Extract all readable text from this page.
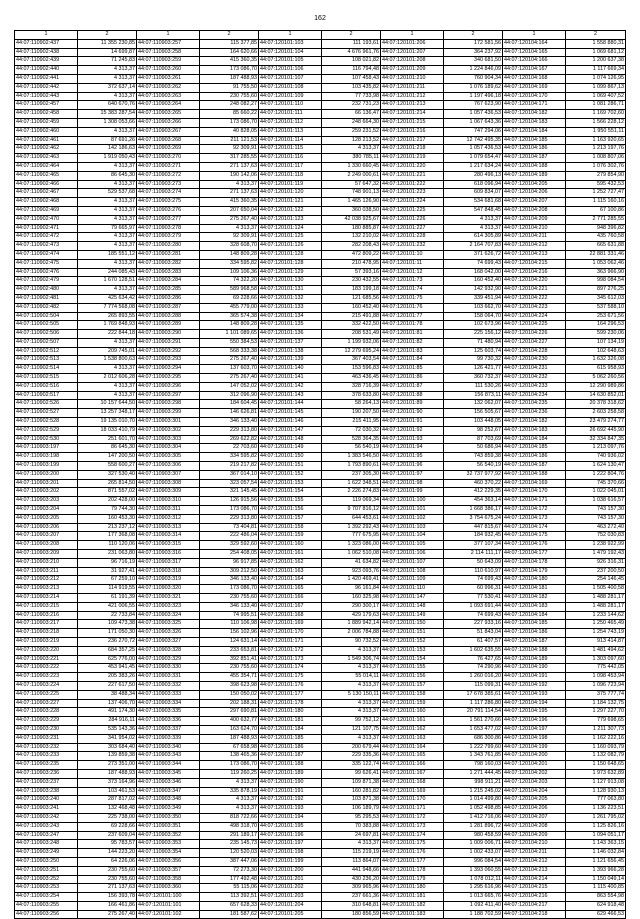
162
1	2	1	2	1	2	1	2	1	2
44:07:110902:437	11 355 230,85	44:07:110903:257	115 377,85	44:07:120101:103	111 193,61	44:07:120101:206	172 581,56	44:07:120104:164	1 558 880,31
44:07:110902:438	14 699,87	44:07:110903:258	164 620,66	44:07:120101:104	4 676 961,76	44:07:120101:207	364 237,92	44:07:120104:165	1 069 681,12
44:07:110902:439	71 245,83	44:07:110903:259	415 360,35	44:07:120101:105	108 021,82	44:07:120101:208	340 681,50	44:07:120104:166	1 200 637,38
44:07:110902:440	4 313,37	44:07:110903:260	173 086,70	44:07:120101:106	116 794,48	44:07:120101:209	1 224 846,09	44:07:120104:167	1 117 669,34
44:07:110902:441	4 313,37	44:07:110903:261	187 488,93	44:07:120101:107	107 458,43	44:07:120101:210	760 904,34	44:07:120104:168	1 074 126,95
44:07:110902:442	372 637,14	44:07:110903:262	91 755,50	44:07:120101:108	103 435,82	44:07:120101:211	1 076 189,62	44:07:120104:169	1 099 867,13
44:07:110902:443	4 313,37	44:07:110903:263	230 755,60	44:07:120101:109	77 733,98	44:07:120101:212	1 197 496,18	44:07:120104:170	1 069 407,52
44:07:110902:457	640 670,76	44:07:110903:264	248 082,27	44:07:120101:110	232 731,23	44:07:120101:213	767 623,90	44:07:120104:171	1 081 286,71
44:07:110902:458	15 383 287,54	44:07:110903:265	85 660,22	44:07:120101:111	66 136,47	44:07:120101:214	1 057 436,53	44:07:120104:182	1 169 702,60
44:07:110902:459	1 308 053,66	44:07:110903:266	173 086,70	44:07:120101:112	248 664,30	44:07:120101:215	1 067 643,36	44:07:120104:183	1 566 228,12
44:07:110902:460	4 313,37	44:07:110903:267	40 828,05	44:07:120101:113	259 231,52	44:07:120101:216	747 294,06	44:07:120104:184	1 950 551,11
44:07:110902:461	87 691,26	44:07:110903:268	211 121,53	44:07:120101:114	128 213,52	44:07:120101:217	12 742 495,35	44:07:120104:185	1 163 920,65
44:07:110902:462	142 186,63	44:07:110903:269	92 309,91	44:07:120101:115	4 313,37	44:07:120101:218	1 057 436,53	44:07:120104:186	1 213 197,76
44:07:110902:463	1 919 050,43	44:07:110903:270	317 285,55	44:07:120101:116	380 785,11	44:07:120101:219	1 079 654,47	44:07:120104:187	1 008 807,06
44:07:110902:464	4 313,37	44:07:110903:271	271 137,63	44:07:120101:117	1 330 660,45	44:07:120101:220	1 217 634,24	44:07:120104:188	1 076 302,76
44:07:110902:465	86 645,30	44:07:110903:272	190 142,06	44:07:120101:118	2 249 000,61	44:07:120101:221	280 496,13	44:07:120104:189	279 854,90
44:07:110902:466	4 313,37	44:07:110903:273	4 313,37	44:07:120101:119	57 647,32	44:07:120101:222	618 096,94	44:07:120104:205	595 432,53
44:07:110902:467	529 537,68	44:07:110903:274	271 137,63	44:07:120101:120	748 901,13	44:07:120101:223	609 834,07	44:07:120104:206	1 252 727,47
44:07:110902:468	4 313,37	44:07:110903:275	415 360,35	44:07:120101:121	1 465 126,90	44:07:120101:224	534 681,68	44:07:120104:207	1 115 160,16
44:07:110902:469	4 313,37	44:07:110903:276	207 650,04	44:07:120101:122	360 038,50	44:07:120101:225	547 848,45	44:07:120104:208	67 100,86
44:07:110902:470	4 313,37	44:07:110903:277	275 267,40	44:07:120101:123	42 038 925,67	44:07:120101:226	4 313,37	44:07:120104:209	2 771 285,55
44:07:110902:471	79 665,97	44:07:110903:278	4 313,37	44:07:120101:124	180 885,87	44:07:120101:227	4 313,37	44:07:120104:210	948 396,82
44:07:110902:472	4 313,37	44:07:110903:279	92 309,91	44:07:120101:125	132 210,02	44:07:120101:228	614 305,89	44:07:120104:211	435 760,58
44:07:110902:473	4 313,37	44:07:110903:280	328 608,70	44:07:120101:126	282 208,43	44:07:120101:232	2 164 707,83	44:07:120104:212	665 631,88
44:07:110902:474	185 551,12	44:07:110903:281	148 809,28	44:07:120101:128	472 809,22	44:07:120101:10	371 626,72	44:07:120104:213	22 881 331,46
44:07:110902:475	4 313,37	44:07:110903:282	334 595,82	44:07:120101:128	210 478,95	44:07:120101:11	74 699,43	44:07:120104:215	1 053 062,46
44:07:110902:476	244 085,43	44:07:110903:283	109 106,36	44:07:120101:129	57 393,16	44:07:120101:12	168 042,00	44:07:120104:216	363 966,90
44:07:110902:479	1 670 128,51	44:07:110903:284	74 322,20	44:07:120101:130	230 432,55	44:07:120101:73	160 452,40	44:07:120104:220	998 084,54
44:07:110902:480	4 313,37	44:07:110903:285	589 968,58	44:07:120101:131	183 199,18	44:07:120101:74	142 932,90	44:07:120104:221	897 276,25
44:07:110902:481	425 634,42	44:07:110903:286	69 228,66	44:07:120101:132	121 685,56	44:07:120101:75	339 451,94	44:07:120104:222	345 612,03
44:07:110902:482	7 774 568,08	44:07:110903:287	455 779,00	44:07:120101:133	160 452,40	44:07:120101:76	103 662,70	44:07:120104:223	537 588,10
44:07:110902:504	265 893,55	44:07:110903:288	365 574,38	44:07:120101:134	215 491,88	44:07:120101:77	158 064,70	44:07:120104:224	253 671,56
44:07:110902:505	1 769 848,93	44:07:110903:289	148 809,28	44:07:120101:135	332 422,50	44:07:120101:78	102 673,96	44:07:120104:225	164 296,53
44:07:110902:506	222 844,18	44:07:110903:290	1 101 089,65	44:07:120101:136	208 531,49	44:07:120101:81	225 156,12	44:07:120104:226	599 230,06
44:07:110902:507	4 313,37	44:07:110903:291	550 384,53	44:07:120101:137	1 199 932,06	44:07:120101:82	71 480,94	44:07:120104:227	107 134,19
44:07:110902:512	209 745,01	44:07:110903:292	568 333,38	44:07:120101:138	12 279 695,24	44:07:120101:83	125 603,74	44:07:120104:228	102 648,63
44:07:110902:513	1 538 800,63	44:07:110903:293	275 267,40	44:07:120101:139	367 403,54	44:07:120101:84	99 730,32	44:07:120104:230	1 632 326,08
44:07:110902:514	4 313,37	44:07:110903:294	137 603,70	44:07:120101:140	153 596,83	44:07:120101:85	126 421,77	44:07:120104:231	615 958,93
44:07:110902:515	2 012 606,28	44:07:110903:295	275 267,40	44:07:120101:141	463 436,45	44:07:120101:86	360 732,37	44:07:120104:232	5 062 260,56
44:07:110902:516	4 313,37	44:07:110903:296	147 052,02	44:07:120101:142	328 716,39	44:07:120101:87	111 530,26	44:07:120104:233	12 290 989,86
44:07:110902:517	4 313,37	44:07:110903:297	312 096,90	44:07:120101:143	378 633,80	44:07:120101:88	156 873,11	44:07:120104:234	14 630 852,01
44:07:110902:526	10 157 644,50	44:07:110903:298	184 604,45	44:07:120101:144	58 264,13	44:07:120101:89	132 062,07	44:07:120104:235	20 378 318,62
44:07:110902:527	13 257 348,17	44:07:110903:299	146 626,81	44:07:120101:145	190 207,50	44:07:120101:90	156 505,67	44:07:120104:236	2 603 258,58
44:07:110902:528	19 135 010,70	44:07:110903:301	346 133,40	44:07:120101:146	215 411,95	44:07:120101:91	103 448,05	44:07:120104:182	23 479 274,77
44:07:110902:529	18 033 410,79	44:07:110903:302	229 313,80	44:07:120101:147	72 030,32	44:07:120101:92	98 252,67	44:07:120104:183	26 692 445,90
44:07:110902:530	251 601,70	44:07:110903:303	269 622,82	44:07:120101:148	528 364,35	44:07:120101:93	87 703,69	44:07:120104:184	32 334 847,35
44:07:110903:197	86 645,30	44:07:110903:304	22 703,60	44:07:120101:149	56 540,19	44:07:120101:94	50 686,94	44:07:120104:185	1 213 097,76
44:07:110903:198	147 200,50	44:07:110903:305	334 595,82	44:07:120101:150	1 383 546,50	44:07:120101:95	743 859,38	44:07:120104:186	740 936,02
44:07:110903:199	558 600,27	44:07:110903:306	219 217,82	44:07:120101:151	1 793 890,61	44:07:120101:96	56 540,19	44:07:120104:187	1 624 130,47
44:07:110903:200	327 530,40	44:07:110903:307	367 014,10	44:07:120101:152	237 305,30	44:07:120101:97	32 737 977,92	44:07:120104:188	1 222 804,76
44:07:110903:201	265 814,50	44:07:110903:308	323 057,54	44:07:120101:153	1 622 348,51	44:07:120101:98	460 370,22	44:07:120104:169	745 370,66
44:07:110903:202	871 557,02	44:07:110903:309	321 145,45	44:07:120101:154	2 226 274,83	44:07:120101:99	412 229,35	44:07:120104:170	1 022 045,01
44:07:110903:203	202 428,00	44:07:110903:310	126 915,56	44:07:120101:155	119 069,34	44:07:120101:100	454 363,14	44:07:120104:171	1 038 616,57
44:07:110903:204	79 744,30	44:07:110903:311	173 086,70	44:07:120101:156	9 707 816,12	44:07:120101:101	1 668 386,17	44:07:120104:172	743 157,30
44:07:110903:205	160 453,30	44:07:110903:312	229 313,80	44:07:120101:157	644 453,61	44:07:120101:102	3 754 675,24	44:07:120104:173	743 157,30
44:07:110903:206	213 237,12	44:07:110903:313	73 404,81	44:07:120101:158	1 392 292,43	44:07:120101:103	447 815,67	44:07:120104:174	463 272,40
44:07:110903:207	177 368,08	44:07:110903:314	222 486,04	44:07:120101:159	777 675,95	44:07:120101:104	184 932,45	44:07:120104:175	752 030,83
44:07:110903:208	110 120,06	44:07:110903:315	329 592,60	44:07:120101:160	1 323 086,00	44:07:120101:105	377 107,34	44:07:120104:176	1 238 922,99
44:07:110903:209	231 063,80	44:07:110903:316	254 408,05	44:07:120101:161	1 062 510,08	44:07:120101:106	2 114 111,17	44:07:120104:177	1 479 192,43
44:07:110903:210	96 716,19	44:07:110903:317	96 917,85	44:07:120101:162	41 634,82	44:07:120101:107	50 643,09	44:07:120104:178	926 316,31
44:07:110903:211	31 927,41	44:07:110903:318	309 212,50	44:07:120101:163	923 093,76	44:07:120101:108	110 610,97	44:07:120104:179	237 200,50
44:07:110903:212	67 259,10	44:07:110903:319	346 133,40	44:07:120101:164	1 420 469,41	44:07:120101:109	74 699,43	44:07:120104:180	254 146,45
44:07:110903:213	114 919,55	44:07:110903:320	173 086,70	44:07:120101:165	96 161,84	44:07:120101:110	60 996,31	44:07:120104:181	1 505 400,58
44:07:110903:214	61 191,39	44:07:110903:321	230 755,60	44:07:120101:166	160 325,98	44:07:120101:147	77 530,41	44:07:120104:182	1 488 281,17
44:07:110903:215	421 006,55	44:07:110903:323	346 133,40	44:07:120101:167	290 300,17	44:07:120101:148	1 093 691,44	44:07:120104:183	1 488 281,17
44:07:110903:216	22 733,84	44:07:110903:324	74 995,51	44:07:120101:168	429 179,63	44:07:120101:149	74 699,43	44:07:120104:184	1 233 144,62
44:07:110903:217	109 473,38	44:07:110903:325	110 106,98	44:07:120101:169	1 889 942,14	44:07:120101:150	227 933,16	44:07:120104:185	1 250 465,49
44:07:110903:218	171 050,30	44:07:110903:326	156 102,96	44:07:120101:170	2 006 784,88	44:07:120101:151	51 843,04	44:07:120104:186	1 254 743,19
44:07:110903:219	236 270,72	44:07:110903:327	124 631,14	44:07:120101:171	90 732,52	44:07:120101:152	61 407,57	44:07:120104:187	913 414,87
44:07:110903:220	684 357,25	44:07:110903:328	233 653,81	44:07:120101:172	4 313,37	44:07:120101:153	1 602 635,55	44:07:120104:188	1 481 494,62
44:07:110903:221	625 776,00	44:07:110903:329	392 851,41	44:07:120101:173	1 549 306,74	44:07:120101:154	76 427,65	44:07:120104:189	1 303 097,60
44:07:110903:222	453 941,45	44:07:110903:330	230 755,60	44:07:120101:174	4 313,37	44:07:120101:155	74 290,96	44:07:120104:190	775 442,05
44:07:110903:223	205 383,26	44:07:110903:331	455 354,71	44:07:120101:175	55 014,11	44:07:120101:156	1 260 016,20	44:07:120104:191	1 098 453,94
44:07:110903:224	227 617,50	44:07:110903:332	398 623,98	44:07:120101:176	4 313,37	44:07:120101:157	115 099,31	44:07:120104:192	1 096 723,94
44:07:110903:225	38 488,34	44:07:110903:333	150 050,02	44:07:120101:177	5 130 150,11	44:07:120101:158	17 678 385,61	44:07:120104:193	375 777,74
44:07:110903:227	137 406,70	44:07:110903:334	202 188,31	44:07:120101:178	4 313,37	44:07:120101:159	1 117 286,80	44:07:120104:194	1 184 132,75
44:07:110903:228	491 174,30	44:07:110903:335	297 690,81	44:07:120101:180	4 313,37	44:07:120101:160	20 791 114,54	44:07:120104:195	1 297 227,70
44:07:110903:229	284 916,11	44:07:110903:336	400 632,77	44:07:120101:181	99 752,12	44:07:120101:161	1 561 270,66	44:07:120104:196	779 698,65
44:07:110903:230	535 143,36	44:07:110903:337	163 624,70	44:07:120101:184	121 107,75	44:07:120101:162	1 653 477,02	44:07:120104:197	1 211 307,73
44:07:110903:231	341 954,02	44:07:110903:339	187 488,93	44:07:120101:185	4 313,37	44:07:120101:163	686 300,86	44:07:120104:198	1 162 222,16
44:07:110903:232	303 684,40	44:07:110903:340	67 658,98	44:07:120101:186	200 679,44	44:07:120101:164	1 222 799,60	44:07:120104:199	1 160 093,79
44:07:110903:233	139 859,38	44:07:110903:343	138 465,36	44:07:120101:187	229 335,36	44:07:120101:165	1 343 761,85	44:07:120104:200	1 132 082,79
44:07:110903:235	273 351,00	44:07:110903:344	173 086,70	44:07:120101:188	335 122,74	44:07:120101:166	798 160,03	44:07:120104:201	1 150 648,65
44:07:110903:236	187 488,93	44:07:110903:345	119 260,25	44:07:120101:189	99 626,41	44:07:120101:167	1 271 444,45	44:07:120104:202	1 973 632,89
44:07:110903:237	373 164,96	44:07:110903:346	4 313,37	44:07:120101:190	109 871,38	44:07:120101:168	998 911,21	44:07:120104:203	1 127 913,08
44:07:110903:238	103 461,53	44:07:110903:347	335 878,19	44:07:120101:191	160 281,82	44:07:120101:169	1 215 245,02	44:07:120104:204	1 128 930,13
44:07:110903:240	287 817,02	44:07:110903:348	4 313,37	44:07:120101:192	103 871,38	44:07:120101:170	1 014 499,80	44:07:120104:205	777 063,80
44:07:110903:241	132 468,48	44:07:110903:349	4 313,37	44:07:120101:193	106 189,79	44:07:120101:171	1 052 498,85	44:07:120104:206	1 136 223,51
44:07:110903:242	225 738,00	44:07:110903:350	818 722,66	44:07:120101:194	95 295,53	44:07:120101:172	1 412 716,06	44:07:120104:207	1 261 795,02
44:07:110903:243	69 228,66	44:07:110903:351	498 318,70	44:07:120101:195	70 383,88	44:07:120101:173	1 281 896,72	44:07:120104:208	1 125 826,16
44:07:110903:247	237 609,04	44:07:110903:352	291 189,17	44:07:120101:196	24 697,81	44:07:120101:174	980 458,59	44:07:120104:209	1 094 051,17
44:07:110903:248	95 783,57	44:07:110903:353	235 145,73	44:07:120101:197	4 313,37	44:07:120101:175	1 009 006,71	44:07:120104:210	1 143 363,15
44:07:110903:249	144 223,20	44:07:110903:354	120 520,03	44:07:120101:198	115 219,19	44:07:120101:176	1 002 433,07	44:07:120104:211	1 146 032,84
44:07:110903:250	64 226,06	44:07:110903:356	387 447,06	44:07:120101:199	113 864,07	44:07:120101:177	996 084,54	44:07:120104:212	1 121 656,45
44:07:110903:251	230 755,60	44:07:110903:357	72 273,30	44:07:120101:200	441 948,66	44:07:120101:178	1 393 060,55	44:07:120104:213	1 393 966,28
44:07:110903:252	230 755,60	44:07:110903:358	177 492,48	44:07:120101:201	430 236,20	44:07:120101:179	1 078 012,11	44:07:120104:214	1 150 049,14
44:07:110903:253	271 137,63	44:07:110903:360	55 115,06	44:07:120101:202	309 965,96	44:07:120101:180	1 295 616,96	44:07:120104:215	1 115 400,85
44:07:110903:254	156 393,78	44:07:120101:100	113 392,51	44:07:120101:203	237 661,36	44:07:120101:181	1 013 665,76	44:07:120104:216	863 554,98
44:07:110903:255	166 461,86	44:07:120101:101	657 628,33	44:07:120101:204	310 648,81	44:07:120101:182	1 092 411,40	44:07:120104:217	624 918,48
44:07:110903:256	275 267,40	44:07:120101:102	181 587,62	44:07:120101:205	180 856,59	44:07:120101:183	1 188 702,59	44:07:120104:218	629 466,53
